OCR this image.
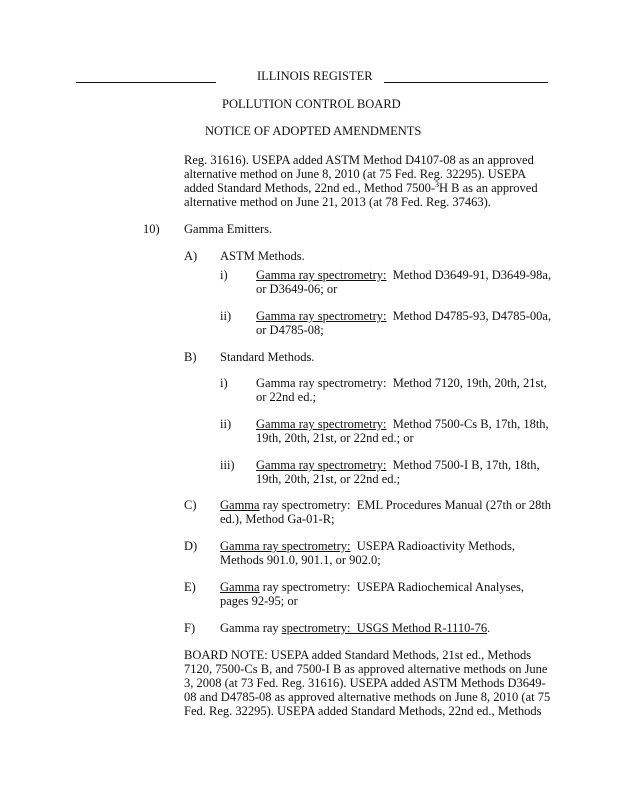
ILLINOIS REGISTER
POLLUTION CONTROL BOARD
NOTICE OF ADOPTED AMENDMENTS
Reg. 31616). USEPA added ASTM Method D4107-08 as an approved
alternative method on June 8, 2010 (at 75 Fed. Reg. 32295). USEPA
added Standard Methods, 22nd ed., Method 7500-$^3$H B as an approved
alternative method on June 21, 2013 (at 78 Fed. Reg. 37463).
10) Gamma Emitters.
A) ASTM Methods.
i) Gamma ray spectrometry:  Method D3649-91, D3649-98a,
or D3649-06; or
ii) Gamma ray spectrometry:  Method D4785-93, D4785-00a,
or D4785-08;
B) Standard Methods.
i) Gamma ray spectrometry:  Method 7120, 19th, 20th, 21st,
or 22nd ed.;
ii) Gamma ray spectrometry:  Method 7500-Cs B, 17th, 18th,
19th, 20th, 21st, or 22nd ed.; or
iii) Gamma ray spectrometry:  Method 7500-I B, 17th, 18th,
19th, 20th, 21st, or 22nd ed.;
C) Gamma ray spectrometry:  EML Procedures Manual (27th or 28th
ed.), Method Ga-01-R;
D) Gamma ray spectrometry:  USEPA Radioactivity Methods,
Methods 901.0, 901.1, or 902.0;
E) Gamma ray spectrometry:  USEPA Radiochemical Analyses,
pages 92-95; or
F) Gamma ray spectrometry:  USGS Method R-1110-76.
BOARD NOTE: USEPA added Standard Methods, 21st ed., Methods
7120, 7500-Cs B, and 7500-I B as approved alternative methods on June
3, 2008 (at 73 Fed. Reg. 31616). USEPA added ASTM Methods D3649-
08 and D4785-08 as approved alternative methods on June 8, 2010 (at 75
Fed. Reg. 32295). USEPA added Standard Methods, 22nd ed., Methods
